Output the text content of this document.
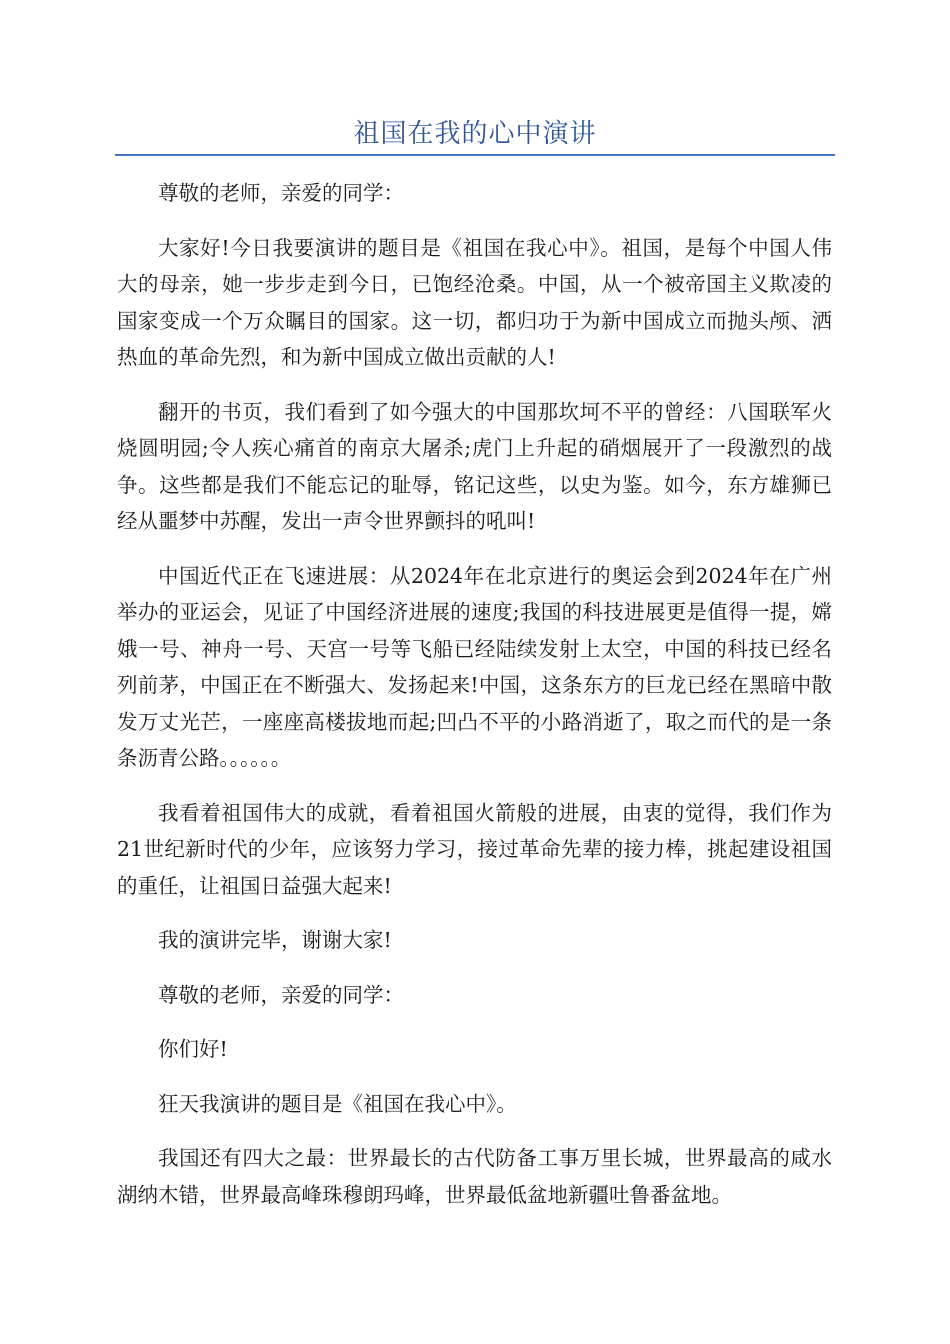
祖国在我的心中演讲

尊敬的老师，亲爱的同学：

大家好!今日我要演讲的题目是《祖国在我心中》。祖国，是每个中国人伟大的母亲，她一步步走到今日，已饱经沧桑。中国，从一个被帝国主义欺凌的国家变成一个万众瞩目的国家。这一切，都归功于为新中国成立而抛头颅、洒热血的革命先烈，和为新中国成立做出贡献的人!

翻开的书页，我们看到了如今强大的中国那坎坷不平的曾经：八国联军火烧圆明园;令人疾心痛首的南京大屠杀;虎门上升起的硝烟展开了一段激烈的战争。这些都是我们不能忘记的耻辱，铭记这些，以史为鉴。如今，东方雄狮已经从噩梦中苏醒，发出一声令世界颤抖的吼叫!

中国近代正在飞速进展：从2024年在北京进行的奥运会到2024年在广州举办的亚运会，见证了中国经济进展的速度;我国的科技进展更是值得一提，嫦娥一号、神舟一号、天宫一号等飞船已经陆续发射上太空，中国的科技已经名列前茅，中国正在不断强大、发扬起来!中国，这条东方的巨龙已经在黑暗中散发万丈光芒，一座座高楼拔地而起;凹凸不平的小路消逝了，取之而代的是一条条沥青公路。。。。。。

我看着祖国伟大的成就，看着祖国火箭般的进展，由衷的觉得，我们作为21世纪新时代的少年，应该努力学习，接过革命先辈的接力棒，挑起建设祖国的重任，让祖国日益强大起来!

我的演讲完毕，谢谢大家!

尊敬的老师，亲爱的同学：

你们好!

狂天我演讲的题目是《祖国在我心中》。

我国还有四大之最：世界最长的古代防备工事万里长城，世界最高的咸水湖纳木错，世界最高峰珠穆朗玛峰，世界最低盆地新疆吐鲁番盆地。
